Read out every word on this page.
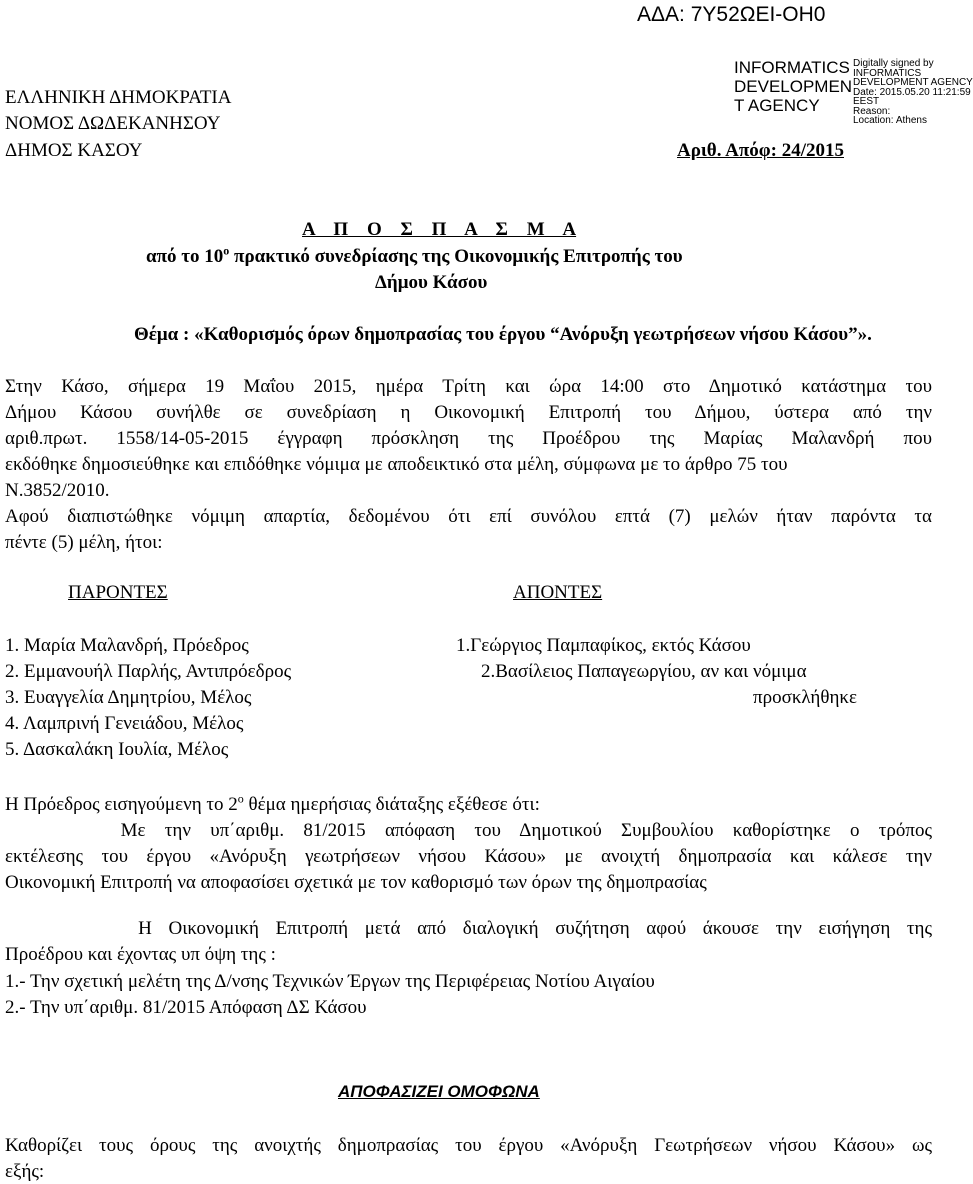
ΑΔΑ: 7Υ52ΩΕΙ-ΟΗ0
INFORMATICS
DEVELOPMEN
T AGENCY
Digitally signed by
INFORMATICS
DEVELOPMENT AGENCY
Date: 2015.05.20 11:21:59
EEST
Reason:
Location: Athens
ΕΛΛΗΝΙΚΗ ΔΗΜΟΚΡΑΤΙΑ
ΝΟΜΟΣ ΔΩΔΕΚΑΝΗΣΟΥ
ΔΗΜΟΣ ΚΑΣΟΥ	Αριθ. Απόφ: 24/2015
Α Π Ο Σ Π Α Σ Μ Α
από το $10^o$ πρακτικό συνεδρίασης της Οικονομικής Επιτροπής του
Δήμου Κάσου
Θέμα : «Καθορισμός όρων δημοπρασίας του έργου “Ανόρυξη γεωτρήσεων νήσου Κάσου”».
Στην Κάσο, σήμερα 19 Μαΐου 2015, ημέρα Τρίτη και ώρα 14:00 στο Δημοτικό κατάστημα του
Δήμου Κάσου συνήλθε σε συνεδρίαση η Οικονομική Επιτροπή του Δήμου, ύστερα από την
αριθ.πρωτ. 1558/14-05-2015 έγγραφη πρόσκληση της Προέδρου της Μαρίας Μαλανδρή που
εκδόθηκε δημοσιεύθηκε και επιδόθηκε νόμιμα με αποδεικτικό στα μέλη, σύμφωνα με το άρθρο 75 του
Ν.3852/2010.
Αφού διαπιστώθηκε νόμιμη απαρτία, δεδομένου ότι επί συνόλου επτά (7) μελών ήταν παρόντα τα
πέντε (5) μέλη, ήτοι:
ΠΑΡΟΝΤΕΣ	ΑΠΟΝΤΕΣ
1. Μαρία Μαλανδρή, Πρόεδρος
2. Εμμανουήλ Παρλής, Αντιπρόεδρος
3. Ευαγγελία Δημητρίου, Μέλος
4. Λαμπρινή Γενειάδου, Μέλος
5. Δασκαλάκη Ιουλία, Μέλος
1.Γεώργιος Παμπαφίκος, εκτός Κάσου
2.Βασίλειος Παπαγεωργίου, αν και νόμιμα
προσκλήθηκε
Η Πρόεδρος εισηγούμενη το $2^o$ θέμα ημερήσιας διάταξης εξέθεσε ότι:
Με την υπ΄αριθμ. 81/2015 απόφαση του Δημοτικού Συμβουλίου καθορίστηκε ο τρόπος
εκτέλεσης του έργου «Ανόρυξη γεωτρήσεων νήσου Κάσου» με ανοιχτή δημοπρασία και κάλεσε την
Οικονομική Επιτροπή να αποφασίσει σχετικά με τον καθορισμό των όρων της δημοπρασίας
Η Οικονομική Επιτροπή μετά από διαλογική συζήτηση αφού άκουσε την εισήγηση της
Προέδρου και έχοντας υπ όψη της :
1.- Την σχετική μελέτη της Δ/νσης Τεχνικών Έργων της Περιφέρειας Νοτίου Αιγαίου
2.- Την υπ΄αριθμ. 81/2015 Απόφαση ΔΣ Κάσου
ΑΠΟΦΑΣΙΖΕΙ ΟΜΟΦΩΝΑ
Καθορίζει τους όρους της ανοιχτής δημοπρασίας του έργου «Ανόρυξη Γεωτρήσεων νήσου Κάσου» ως
εξής:
